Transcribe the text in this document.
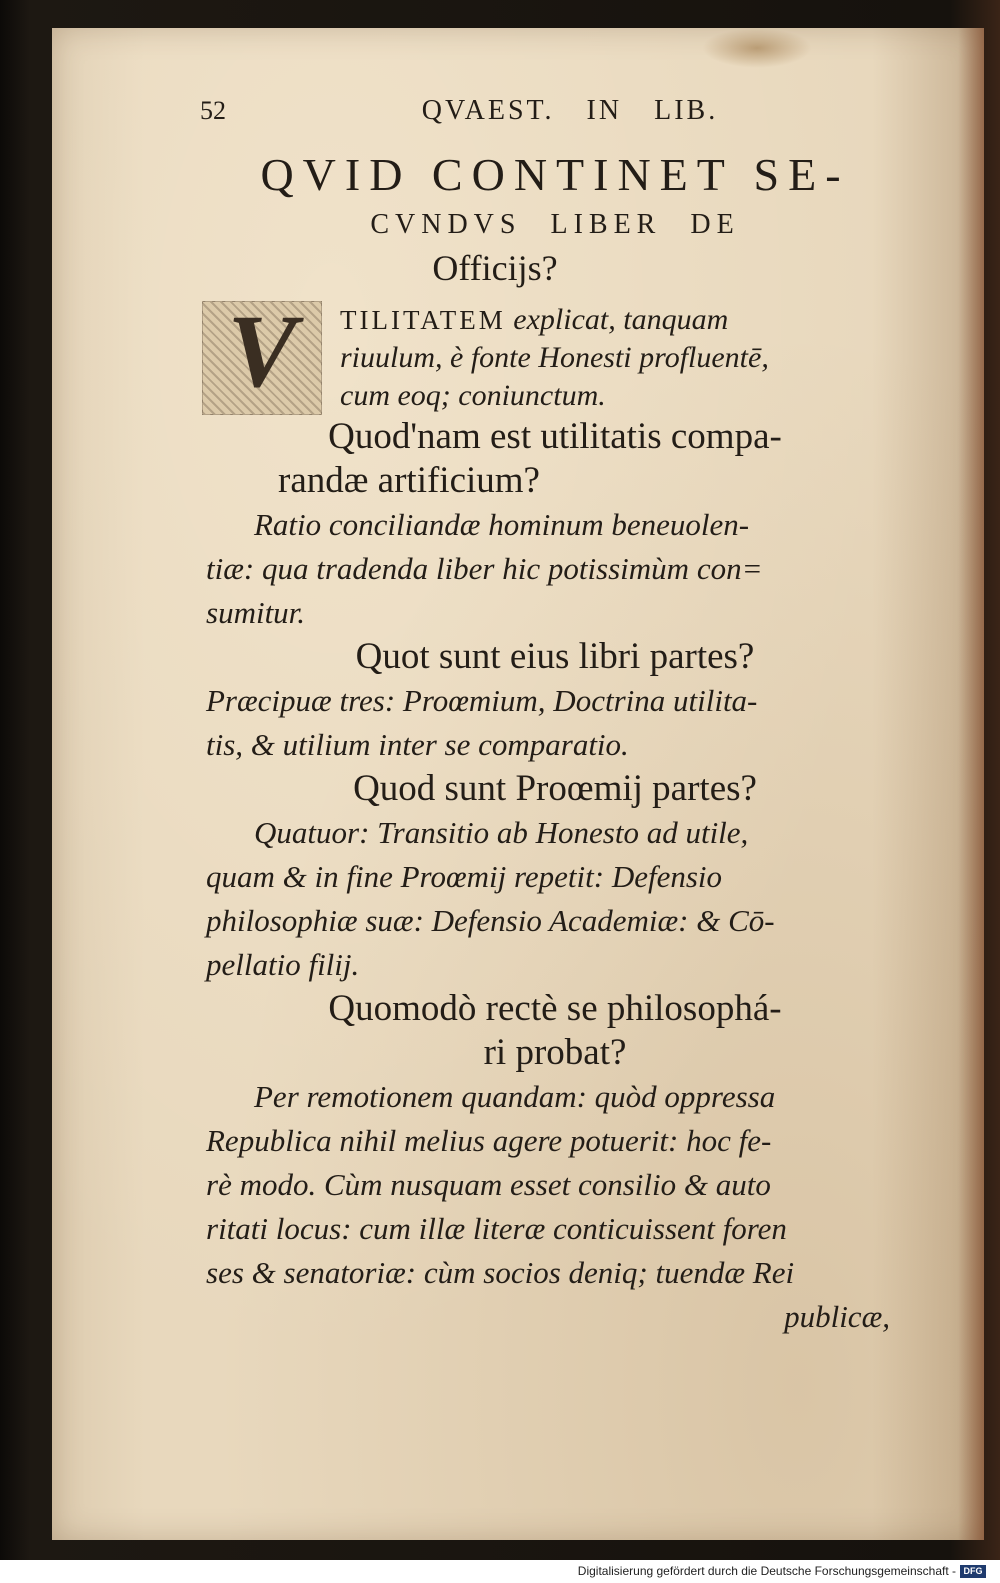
52	QVAEST. IN LIB.
QVID CONTINET SE-
CVNDVS LIBER DE
Officijs?
V	TILITATEM explicat, tanquam
riuulum, è fonte Honesti profluentē,
cum eoq; coniunctum.
Quod'nam est utilitatis compa-
randæ artificium?
Ratio conciliandæ hominum beneuolen-
tiæ: qua tradenda liber hic potissimùm con=
sumitur.
Quot sunt eius libri partes?
Præcipuæ tres: Proœmium, Doctrina utilita-
tis, & utilium inter se comparatio.
Quod sunt Proœmij partes?
Quatuor: Transitio ab Honesto ad utile,
quam & in fine Proœmij repetit: Defensio
philosophiæ suæ: Defensio Academiæ: & Cō-
pellatio filij.
Quomodò rectè se philosophá-
ri probat?
Per remotionem quandam: quòd oppressa
Republica nihil melius agere potuerit: hoc fe-
rè modo. Cùm nusquam esset consilio & auto
ritati locus: cum illæ literæ conticuissent foren
ses & senatoriæ: cùm socios deniq; tuendæ Rei
publicæ,
Digitalisierung gefördert durch die Deutsche Forschungsgemeinschaft - DFG
